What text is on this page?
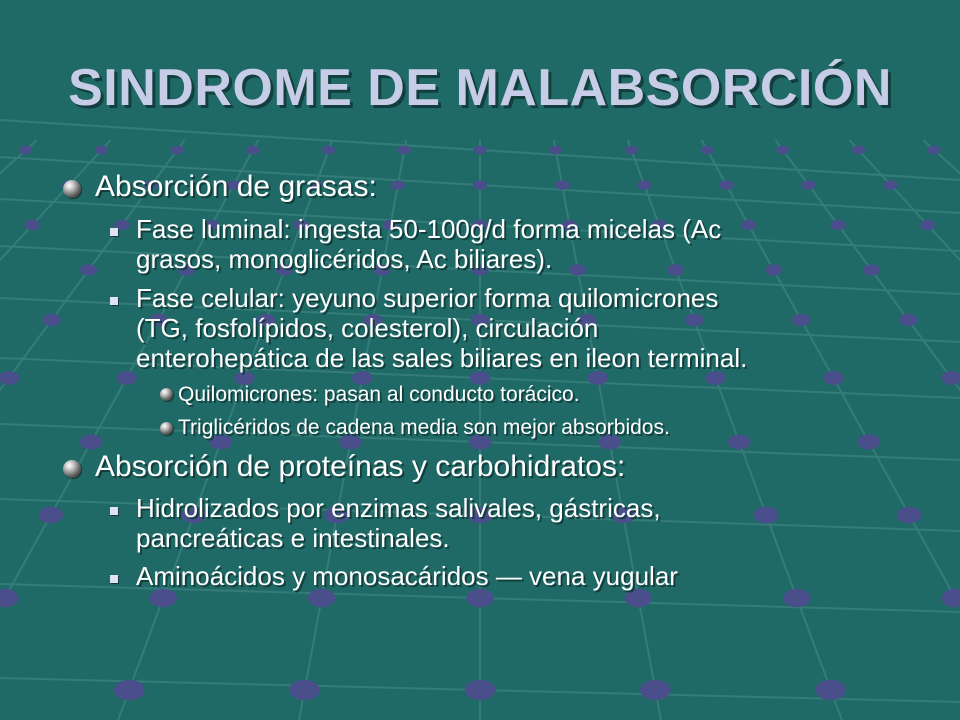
SINDROME DE MALABSORCIÓN
Absorción de grasas:
Fase luminal: ingesta 50-100g/d forma micelas (Ac
grasos, monoglicéridos, Ac biliares).
Fase celular: yeyuno superior forma quilomicrones
(TG, fosfolípidos, colesterol), circulación
enterohepática de las sales biliares en ileon terminal.
Quilomicrones: pasan al conducto torácico.
Triglicéridos de cadena media son mejor absorbidos.
Absorción de proteínas y carbohidratos:
Hidrolizados por enzimas salivales, gástricas,
pancreáticas e intestinales.
Aminoácidos y monosacáridos — vena yugular
